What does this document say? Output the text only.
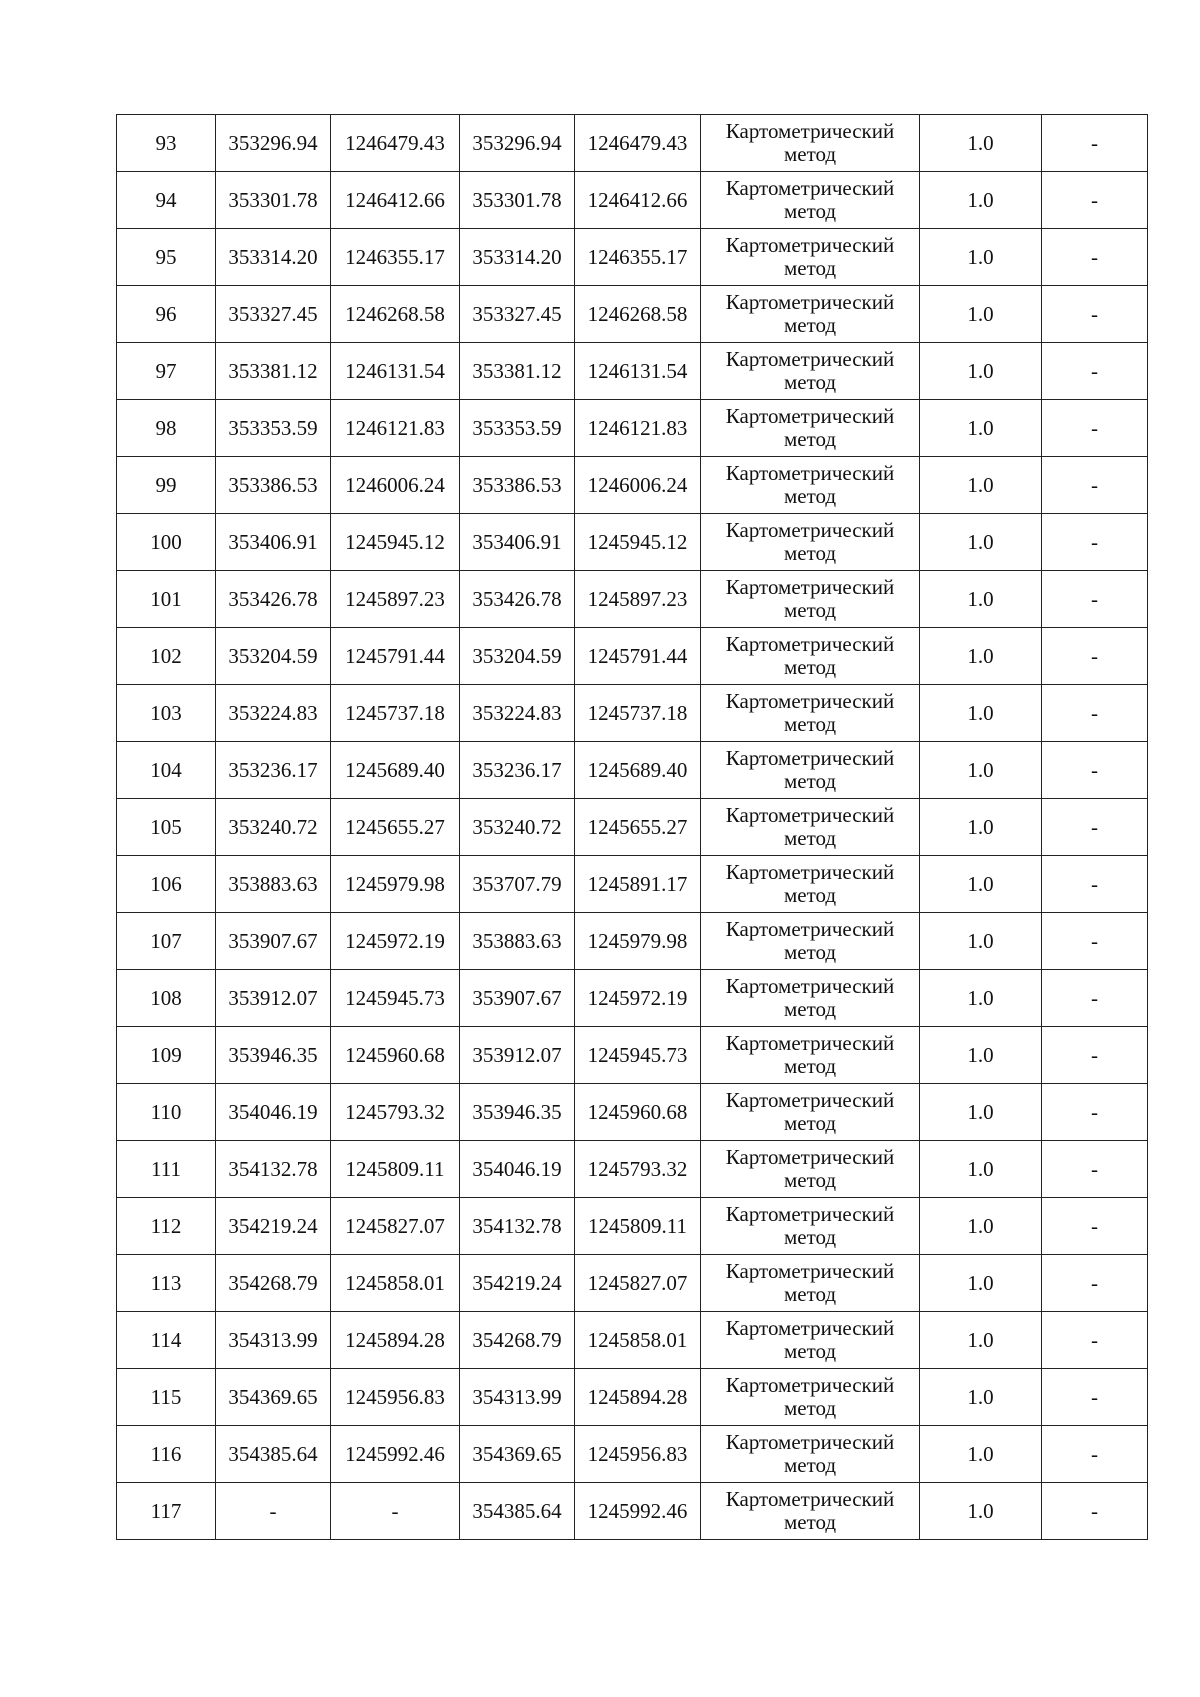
93	353296.94	1246479.43	353296.94	1246479.43	Картометрический
метод	1.0	-
94	353301.78	1246412.66	353301.78	1246412.66	Картометрический
метод	1.0	-
95	353314.20	1246355.17	353314.20	1246355.17	Картометрический
метод	1.0	-
96	353327.45	1246268.58	353327.45	1246268.58	Картометрический
метод	1.0	-
97	353381.12	1246131.54	353381.12	1246131.54	Картометрический
метод	1.0	-
98	353353.59	1246121.83	353353.59	1246121.83	Картометрический
метод	1.0	-
99	353386.53	1246006.24	353386.53	1246006.24	Картометрический
метод	1.0	-
100	353406.91	1245945.12	353406.91	1245945.12	Картометрический
метод	1.0	-
101	353426.78	1245897.23	353426.78	1245897.23	Картометрический
метод	1.0	-
102	353204.59	1245791.44	353204.59	1245791.44	Картометрический
метод	1.0	-
103	353224.83	1245737.18	353224.83	1245737.18	Картометрический
метод	1.0	-
104	353236.17	1245689.40	353236.17	1245689.40	Картометрический
метод	1.0	-
105	353240.72	1245655.27	353240.72	1245655.27	Картометрический
метод	1.0	-
106	353883.63	1245979.98	353707.79	1245891.17	Картометрический
метод	1.0	-
107	353907.67	1245972.19	353883.63	1245979.98	Картометрический
метод	1.0	-
108	353912.07	1245945.73	353907.67	1245972.19	Картометрический
метод	1.0	-
109	353946.35	1245960.68	353912.07	1245945.73	Картометрический
метод	1.0	-
110	354046.19	1245793.32	353946.35	1245960.68	Картометрический
метод	1.0	-
111	354132.78	1245809.11	354046.19	1245793.32	Картометрический
метод	1.0	-
112	354219.24	1245827.07	354132.78	1245809.11	Картометрический
метод	1.0	-
113	354268.79	1245858.01	354219.24	1245827.07	Картометрический
метод	1.0	-
114	354313.99	1245894.28	354268.79	1245858.01	Картометрический
метод	1.0	-
115	354369.65	1245956.83	354313.99	1245894.28	Картометрический
метод	1.0	-
116	354385.64	1245992.46	354369.65	1245956.83	Картометрический
метод	1.0	-
117	-	-	354385.64	1245992.46	Картометрический
метод	1.0	-
